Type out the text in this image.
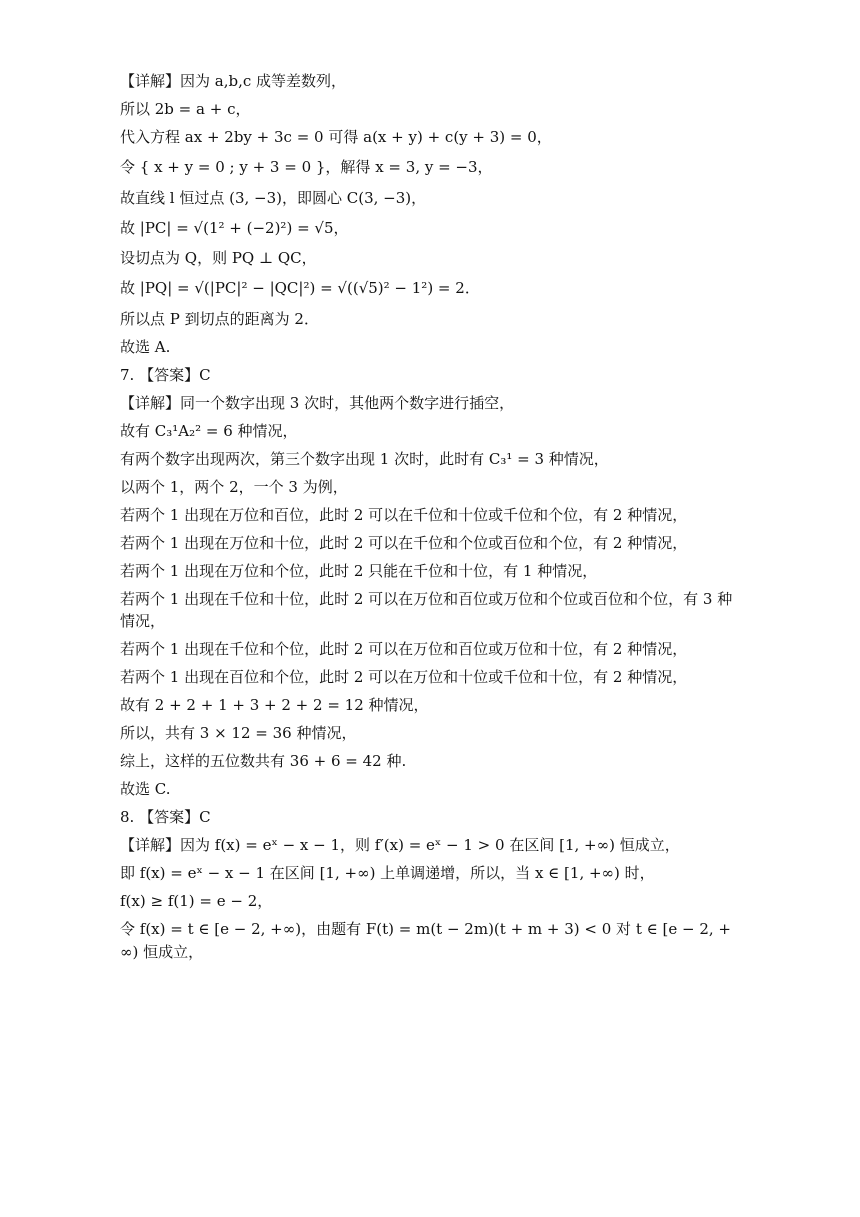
【详解】因为 a,b,c 成等差数列，
所以 2b = a + c，
代入方程 ax + 2by + 3c = 0 可得 a(x + y) + c(y + 3) = 0，
令 { x + y = 0 ; y + 3 = 0 }，解得 x = 3, y = −3，
故直线 l 恒过点 (3, −3)，即圆心 C(3, −3)，
故 |PC| = √(1² + (−2)²) = √5，
设切点为 Q，则 PQ ⊥ QC，
故 |PQ| = √(|PC|² − |QC|²) = √((√5)² − 1²) = 2．
所以点 P 到切点的距离为 2．
故选 A.
7. 【答案】C
【详解】同一个数字出现 3 次时，其他两个数字进行插空，
故有 C₃¹A₂² = 6 种情况，
有两个数字出现两次，第三个数字出现 1 次时，此时有 C₃¹ = 3 种情况，
以两个 1，两个 2，一个 3 为例，
若两个 1 出现在万位和百位，此时 2 可以在千位和十位或千位和个位，有 2 种情况，
若两个 1 出现在万位和十位，此时 2 可以在千位和个位或百位和个位，有 2 种情况，
若两个 1 出现在万位和个位，此时 2 只能在千位和十位，有 1 种情况，
若两个 1 出现在千位和十位，此时 2 可以在万位和百位或万位和个位或百位和个位，有 3 种情况，
若两个 1 出现在千位和个位，此时 2 可以在万位和百位或万位和十位，有 2 种情况，
若两个 1 出现在百位和个位，此时 2 可以在万位和十位或千位和十位，有 2 种情况，
故有 2 + 2 + 1 + 3 + 2 + 2 = 12 种情况，
所以，共有 3 × 12 = 36 种情况，
综上，这样的五位数共有 36 + 6 = 42 种.
故选 C.
8. 【答案】C
【详解】因为 f(x) = eˣ − x − 1，则 f′(x) = eˣ − 1 > 0 在区间 [1, +∞) 恒成立，
即 f(x) = eˣ − x − 1 在区间 [1, +∞) 上单调递增，所以，当 x ∈ [1, +∞) 时，
f(x) ≥ f(1) = e − 2，
令 f(x) = t ∈ [e − 2, +∞)，由题有 F(t) = m(t − 2m)(t + m + 3) < 0 对 t ∈ [e − 2, +∞) 恒成立，
